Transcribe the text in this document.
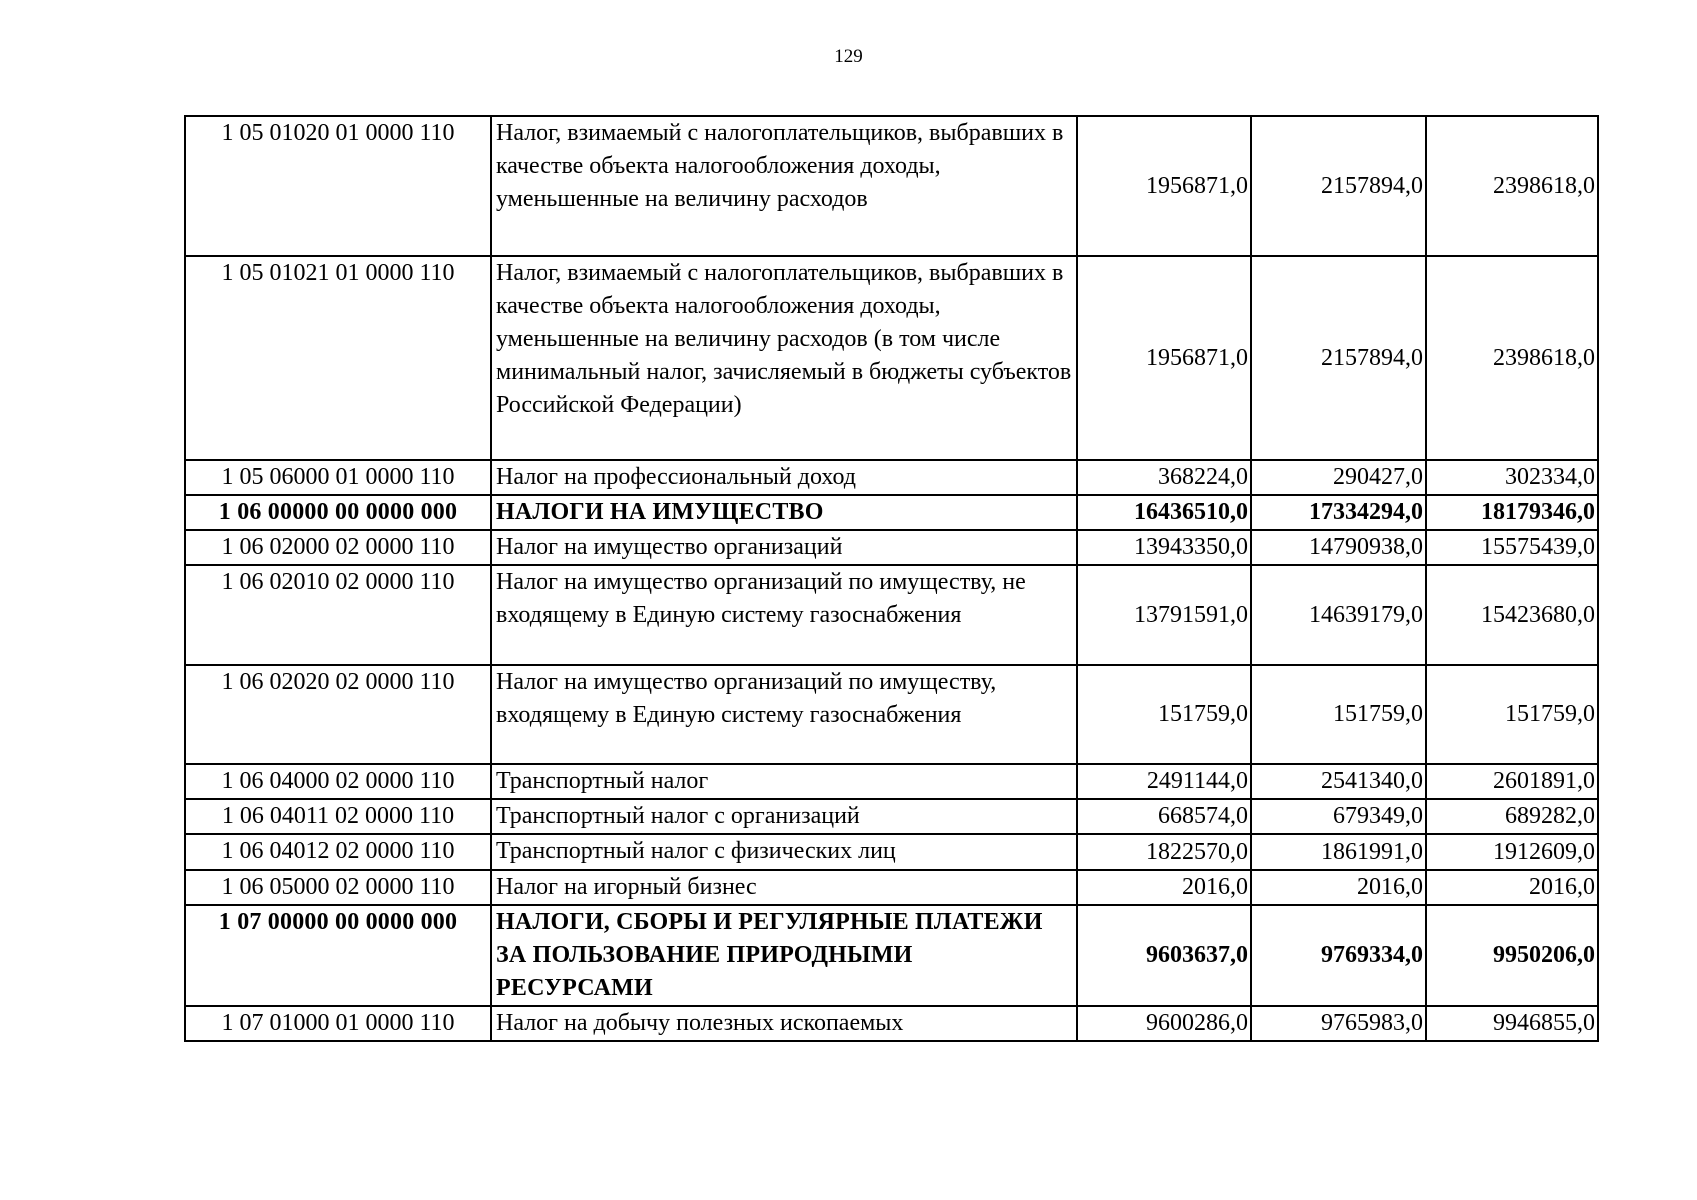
129
1 05 01020 01 0000 110	Налог, взимаемый с налогоплательщиков, выбравших в качестве объекта налогообложения доходы, уменьшенные на величину расходов	1956871,0	2157894,0	2398618,0
1 05 01021 01 0000 110	Налог, взимаемый с налогоплательщиков, выбравших в качестве объекта налогообложения доходы, уменьшенные на величину расходов (в том числе минимальный налог, зачисляемый в бюджеты субъектов Российской Федерации)	1956871,0	2157894,0	2398618,0
1 05 06000 01 0000 110	Налог на профессиональный доход	368224,0	290427,0	302334,0
1 06 00000 00 0000 000	НАЛОГИ НА ИМУЩЕСТВО	16436510,0	17334294,0	18179346,0
1 06 02000 02 0000 110	Налог на имущество организаций	13943350,0	14790938,0	15575439,0
1 06 02010 02 0000 110	Налог на имущество организаций по имуществу, не входящему в Единую систему газоснабжения	13791591,0	14639179,0	15423680,0
1 06 02020 02 0000 110	Налог на имущество организаций по имуществу, входящему в Единую систему газоснабжения	151759,0	151759,0	151759,0
1 06 04000 02 0000 110	Транспортный налог	2491144,0	2541340,0	2601891,0
1 06 04011 02 0000 110	Транспортный налог с организаций	668574,0	679349,0	689282,0
1 06 04012 02 0000 110	Транспортный налог с физических лиц	1822570,0	1861991,0	1912609,0
1 06 05000 02 0000 110	Налог на игорный бизнес	2016,0	2016,0	2016,0
1 07 00000 00 0000 000	НАЛОГИ, СБОРЫ И РЕГУЛЯРНЫЕ ПЛАТЕЖИ ЗА ПОЛЬЗОВАНИЕ ПРИРОДНЫМИ РЕСУРСАМИ	9603637,0	9769334,0	9950206,0
1 07 01000 01 0000 110	Налог на добычу полезных ископаемых	9600286,0	9765983,0	9946855,0
